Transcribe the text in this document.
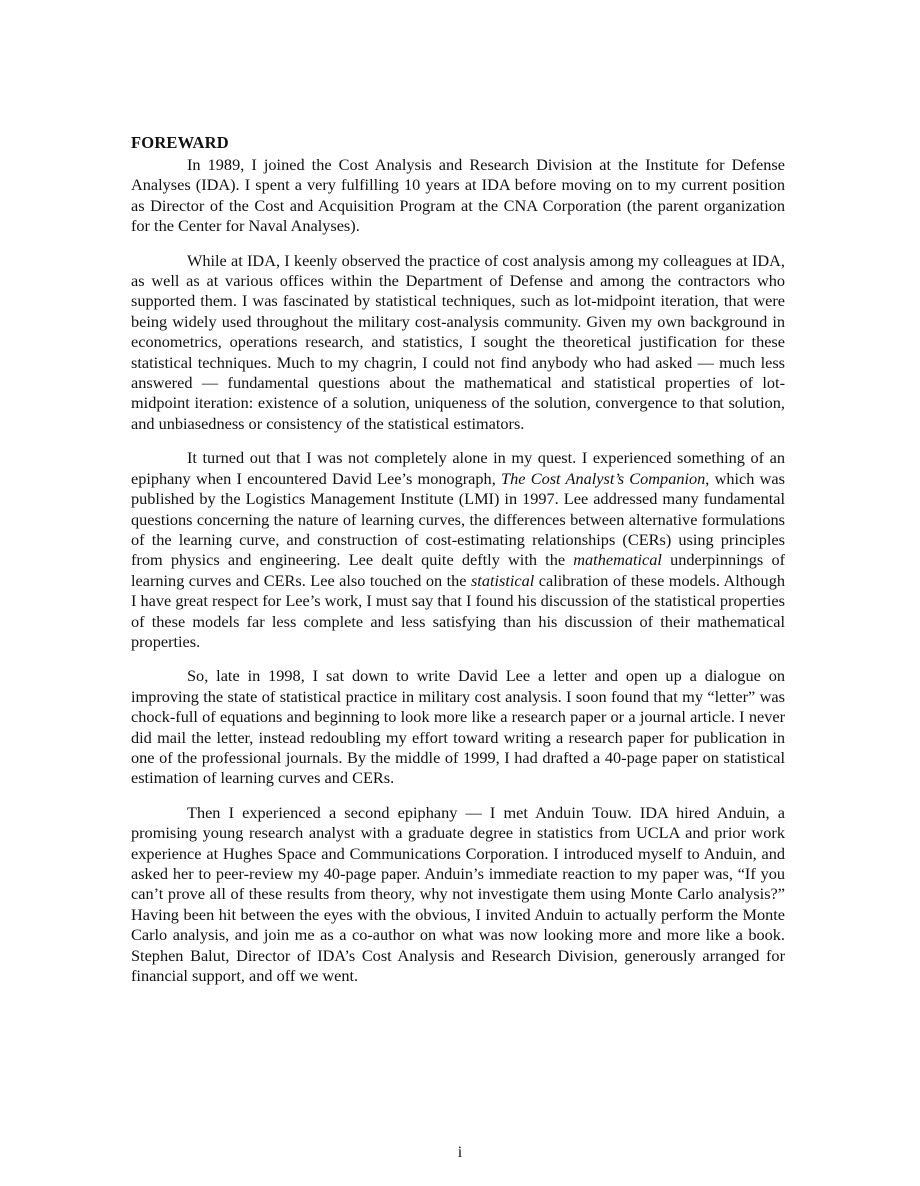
FOREWARD

In 1989, I joined the Cost Analysis and Research Division at the Institute for Defense Analyses (IDA). I spent a very fulfilling 10 years at IDA before moving on to my current position as Director of the Cost and Acquisition Program at the CNA Corporation (the parent organization for the Center for Naval Analyses).

While at IDA, I keenly observed the practice of cost analysis among my colleagues at IDA, as well as at various offices within the Department of Defense and among the contractors who supported them. I was fascinated by statistical techniques, such as lot-midpoint iteration, that were being widely used throughout the military cost-analysis community. Given my own background in econometrics, operations research, and statistics, I sought the theoretical justification for these statistical techniques. Much to my chagrin, I could not find anybody who had asked — much less answered — fundamental questions about the mathematical and statistical properties of lot-midpoint iteration: existence of a solution, uniqueness of the solution, convergence to that solution, and unbiasedness or consistency of the statistical estimators.

It turned out that I was not completely alone in my quest. I experienced something of an epiphany when I encountered David Lee’s monograph, The Cost Analyst’s Companion, which was published by the Logistics Management Institute (LMI) in 1997. Lee addressed many fundamental questions concerning the nature of learning curves, the differences between alternative formulations of the learning curve, and construction of cost-estimating relationships (CERs) using principles from physics and engineering. Lee dealt quite deftly with the mathematical underpinnings of learning curves and CERs. Lee also touched on the statistical calibration of these models. Although I have great respect for Lee’s work, I must say that I found his discussion of the statistical properties of these models far less complete and less satisfying than his discussion of their mathematical properties.

So, late in 1998, I sat down to write David Lee a letter and open up a dialogue on improving the state of statistical practice in military cost analysis. I soon found that my “letter” was chock-full of equations and beginning to look more like a research paper or a journal article. I never did mail the letter, instead redoubling my effort toward writing a research paper for publication in one of the professional journals. By the middle of 1999, I had drafted a 40-page paper on statistical estimation of learning curves and CERs.

Then I experienced a second epiphany — I met Anduin Touw. IDA hired Anduin, a promising young research analyst with a graduate degree in statistics from UCLA and prior work experience at Hughes Space and Communications Corporation. I introduced myself to Anduin, and asked her to peer-review my 40-page paper. Anduin’s immediate reaction to my paper was, “If you can’t prove all of these results from theory, why not investigate them using Monte Carlo analysis?” Having been hit between the eyes with the obvious, I invited Anduin to actually perform the Monte Carlo analysis, and join me as a co-author on what was now looking more and more like a book. Stephen Balut, Director of IDA’s Cost Analysis and Research Division, generously arranged for financial support, and off we went.

i
